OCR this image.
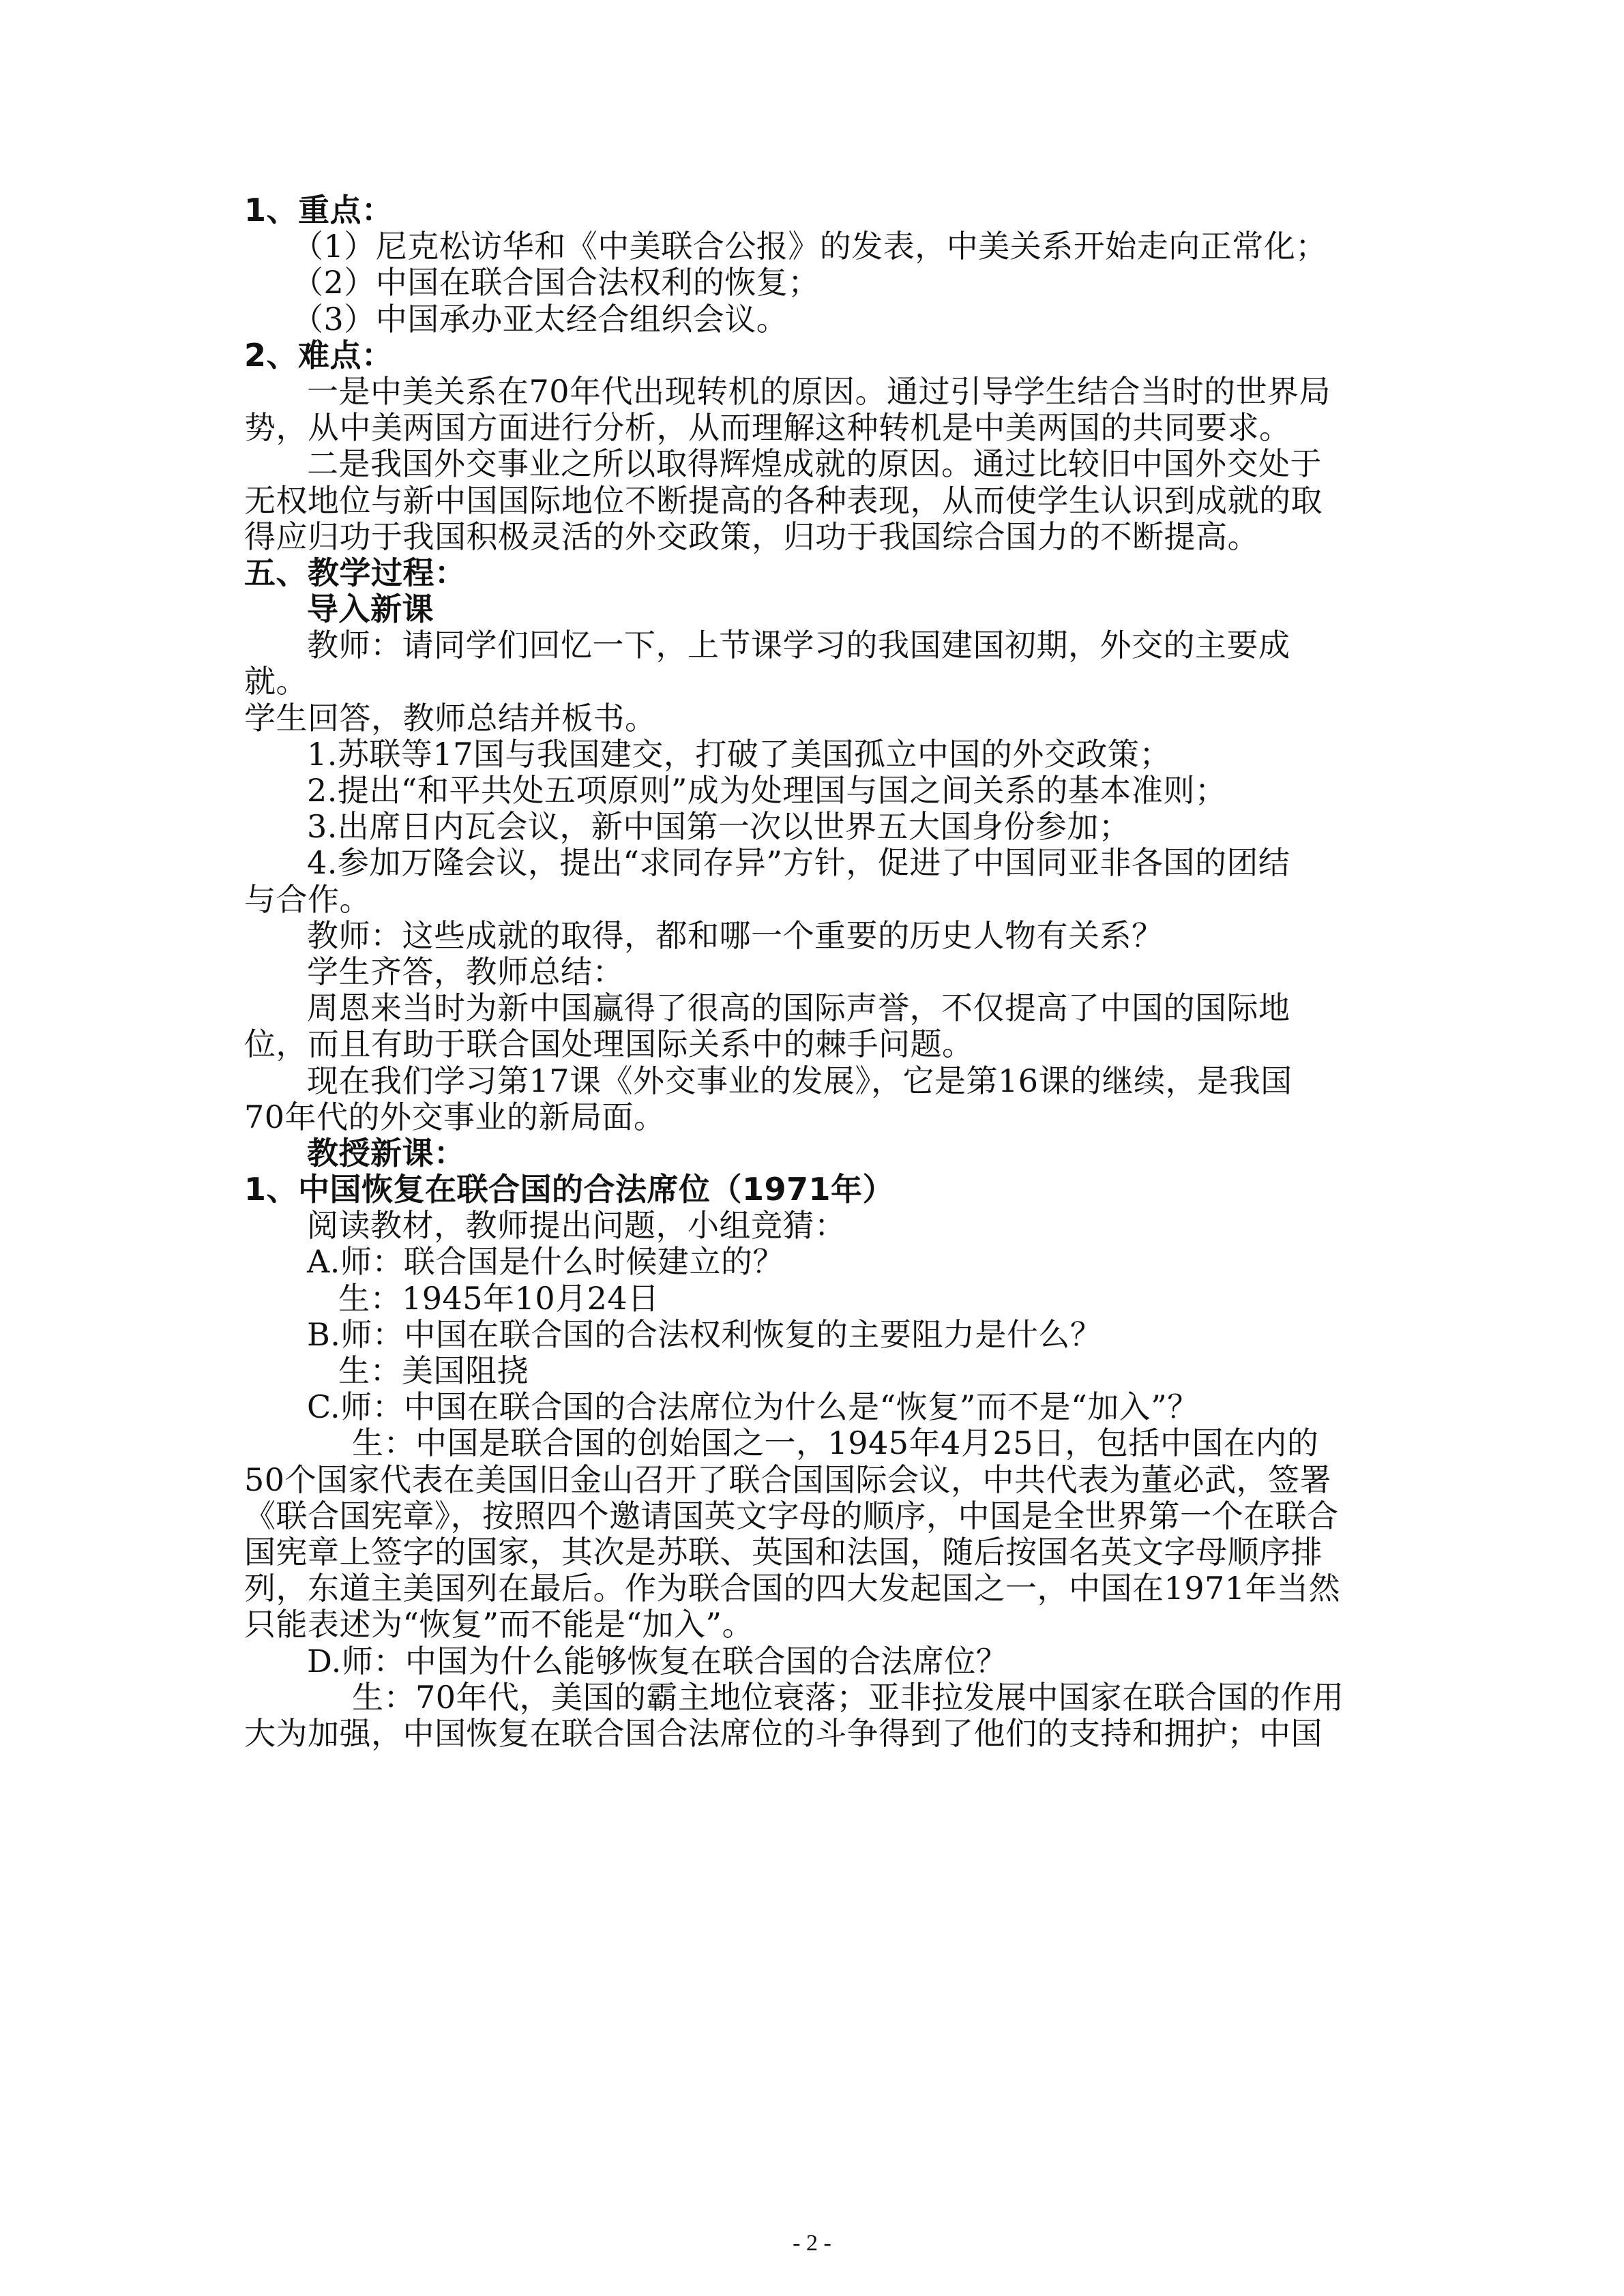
1、重点：
（1）尼克松访华和《中美联合公报》的发表，中美关系开始走向正常化；
（2）中国在联合国合法权利的恢复；
（3）中国承办亚太经合组织会议。
2、难点：
一是中美关系在70年代出现转机的原因。通过引导学生结合当时的世界局
势，从中美两国方面进行分析，从而理解这种转机是中美两国的共同要求。
二是我国外交事业之所以取得辉煌成就的原因。通过比较旧中国外交处于
无权地位与新中国国际地位不断提高的各种表现，从而使学生认识到成就的取
得应归功于我国积极灵活的外交政策，归功于我国综合国力的不断提高。
五、教学过程：
导入新课
教师：请同学们回忆一下，上节课学习的我国建国初期，外交的主要成
就。
学生回答，教师总结并板书。
1.苏联等17国与我国建交，打破了美国孤立中国的外交政策；
2.提出“和平共处五项原则”成为处理国与国之间关系的基本准则；
3.出席日内瓦会议，新中国第一次以世界五大国身份参加；
4.参加万隆会议，提出“求同存异”方针，促进了中国同亚非各国的团结
与合作。
教师：这些成就的取得，都和哪一个重要的历史人物有关系？
学生齐答，教师总结：
周恩来当时为新中国赢得了很高的国际声誉，不仅提高了中国的国际地
位，而且有助于联合国处理国际关系中的棘手问题。
现在我们学习第17课《外交事业的发展》，它是第16课的继续，是我国
70年代的外交事业的新局面。
教授新课：
1、中国恢复在联合国的合法席位（1971年）
阅读教材，教师提出问题，小组竞猜：
A.师：联合国是什么时候建立的？
生：1945年10月24日
B.师：中国在联合国的合法权利恢复的主要阻力是什么？
生：美国阻挠
C.师：中国在联合国的合法席位为什么是“恢复”而不是“加入”？
生：中国是联合国的创始国之一，1945年4月25日，包括中国在内的
50个国家代表在美国旧金山召开了联合国国际会议，中共代表为董必武，签署
《联合国宪章》，按照四个邀请国英文字母的顺序，中国是全世界第一个在联合
国宪章上签字的国家，其次是苏联、英国和法国，随后按国名英文字母顺序排
列，东道主美国列在最后。作为联合国的四大发起国之一，中国在1971年当然
只能表述为“恢复”而不能是“加入”。
D.师：中国为什么能够恢复在联合国的合法席位？
生：70年代，美国的霸主地位衰落；亚非拉发展中国家在联合国的作用
大为加强，中国恢复在联合国合法席位的斗争得到了他们的支持和拥护；中国
- 2 -
